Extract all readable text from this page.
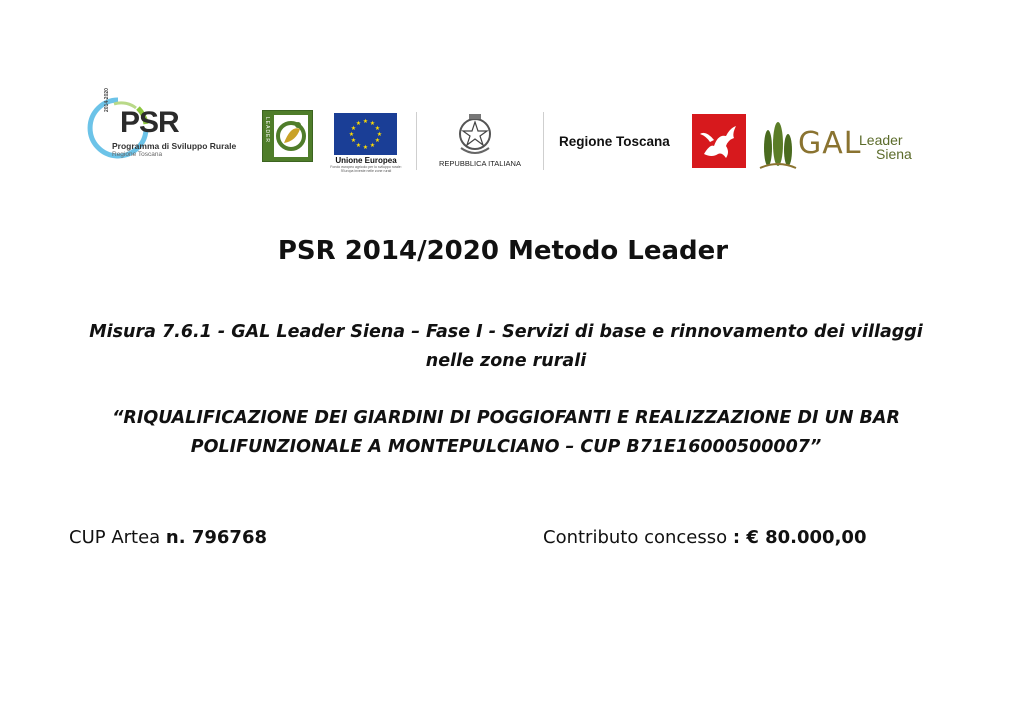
2014-2020
PSR
Programma di Sviluppo Rurale
Regione Toscana
LEADER	★ ★
★
★
★
★
★
★
★
★
★
★
Unione Europea
Fondo europeo agricolo per lo sviluppo rurale: l'Europa investe nelle zone rurali
REPUBBLICA ITALIANA
Regione Toscana	GAL
Leader
Siena
PSR 2014/2020 Metodo Leader
Misura 7.6.1 - GAL Leader Siena – Fase I - Servizi di base e rinnovamento dei villaggi
nelle zone rurali
“RIQUALIFICAZIONE DEI GIARDINI DI POGGIOFANTI E REALIZZAZIONE DI UN BAR
POLIFUNZIONALE A MONTEPULCIANO – CUP B71E16000500007”
CUP Artea n. 796768	Contributo concesso : € 80.000,00
